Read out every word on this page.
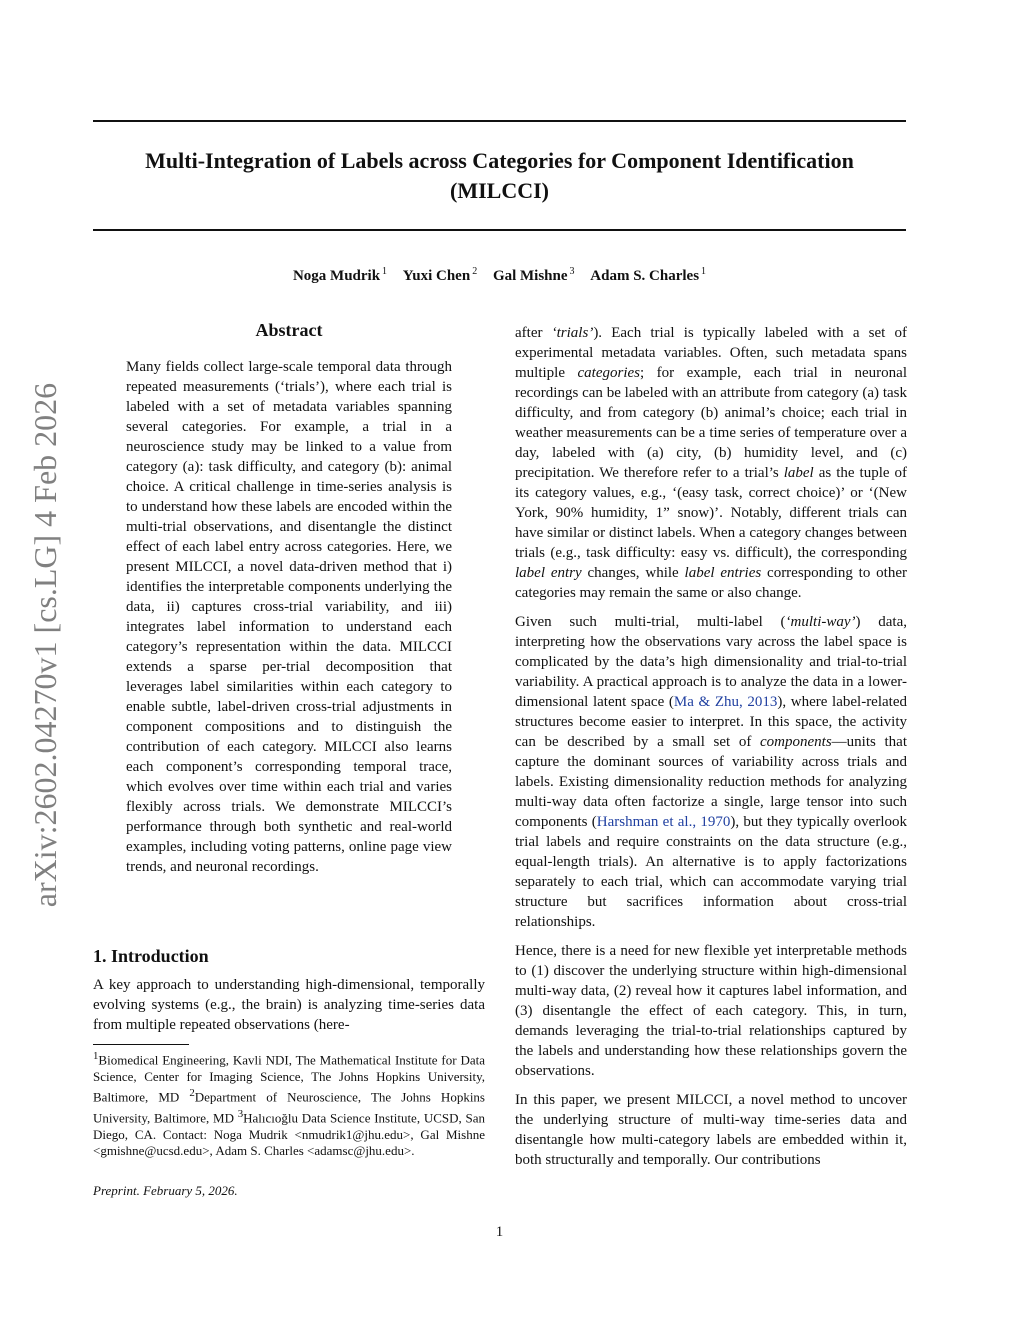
Multi-Integration of Labels across Categories for Component Identification (MILCCI)
Noga Mudrik $^1$ Yuxi Chen $^2$ Gal Mishne $^3$ Adam S. Charles $^1$
arXiv:2602.04270v1 [cs.LG] 4 Feb 2026
Abstract

Many fields collect large-scale temporal data through repeated measurements (‘trials’), where each trial is labeled with a set of metadata variables spanning several categories. For example, a trial in a neuroscience study may be linked to a value from category (a): task difficulty, and category (b): animal choice. A critical challenge in time-series analysis is to understand how these labels are encoded within the multi-trial observations, and disentangle the distinct effect of each label entry across categories. Here, we present MILCCI, a novel data-driven method that i) identifies the interpretable components underlying the data, ii) captures cross-trial variability, and iii) integrates label information to understand each category’s representation within the data. MILCCI extends a sparse per-trial decomposition that leverages label similarities within each category to enable subtle, label-driven cross-trial adjustments in component compositions and to distinguish the contribution of each category. MILCCI also learns each component’s corresponding temporal trace, which evolves over time within each trial and varies flexibly across trials. We demonstrate MILCCI’s performance through both synthetic and real-world examples, including voting patterns, online page view trends, and neuronal recordings.

1. Introduction

A key approach to understanding high-dimensional, temporally evolving systems (e.g., the brain) is analyzing time-series data from multiple repeated observations (here-

$^1$Biomedical Engineering, Kavli NDI, The Mathematical Institute for Data Science, Center for Imaging Science, The Johns Hopkins University, Baltimore, MD $^2$Department of Neuroscience, The Johns Hopkins University, Baltimore, MD $^3$Halıcıoğlu Data Science Institute, UCSD, San Diego, CA. Contact: Noga Mudrik <nmudrik1@jhu.edu>, Gal Mishne <gmishne@ucsd.edu>, Adam S. Charles <adamsc@jhu.edu>.

Preprint. February 5, 2026.

after ‘trials’). Each trial is typically labeled with a set of experimental metadata variables. Often, such metadata spans multiple categories; for example, each trial in neuronal recordings can be labeled with an attribute from category (a) task difficulty, and from category (b) animal’s choice; each trial in weather measurements can be a time series of temperature over a day, labeled with (a) city, (b) humidity level, and (c) precipitation. We therefore refer to a trial’s label as the tuple of its category values, e.g., ‘(easy task, correct choice)’ or ‘(New York, 90% humidity, 1” snow)’. Notably, different trials can have similar or distinct labels. When a category changes between trials (e.g., task difficulty: easy vs. difficult), the corresponding label entry changes, while label entries corresponding to other categories may remain the same or also change.

Given such multi-trial, multi-label (‘multi-way’) data, interpreting how the observations vary across the label space is complicated by the data’s high dimensionality and trial-to-trial variability. A practical approach is to analyze the data in a lower-dimensional latent space (Ma & Zhu, 2013), where label-related structures become easier to interpret. In this space, the activity can be described by a small set of components—units that capture the dominant sources of variability across trials and labels. Existing dimensionality reduction methods for analyzing multi-way data often factorize a single, large tensor into such components (Harshman et al., 1970), but they typically overlook trial labels and require constraints on the data structure (e.g., equal-length trials). An alternative is to apply factorizations separately to each trial, which can accommodate varying trial structure but sacrifices information about cross-trial relationships.

Hence, there is a need for new flexible yet interpretable methods to (1) discover the underlying structure within high-dimensional multi-way data, (2) reveal how it captures label information, and (3) disentangle the effect of each category. This, in turn, demands leveraging the trial-to-trial relationships captured by the labels and understanding how these relationships govern the observations.

In this paper, we present MILCCI, a novel method to uncover the underlying structure of multi-way time-series data and disentangle how multi-category labels are embedded within it, both structurally and temporally. Our contributions

1
